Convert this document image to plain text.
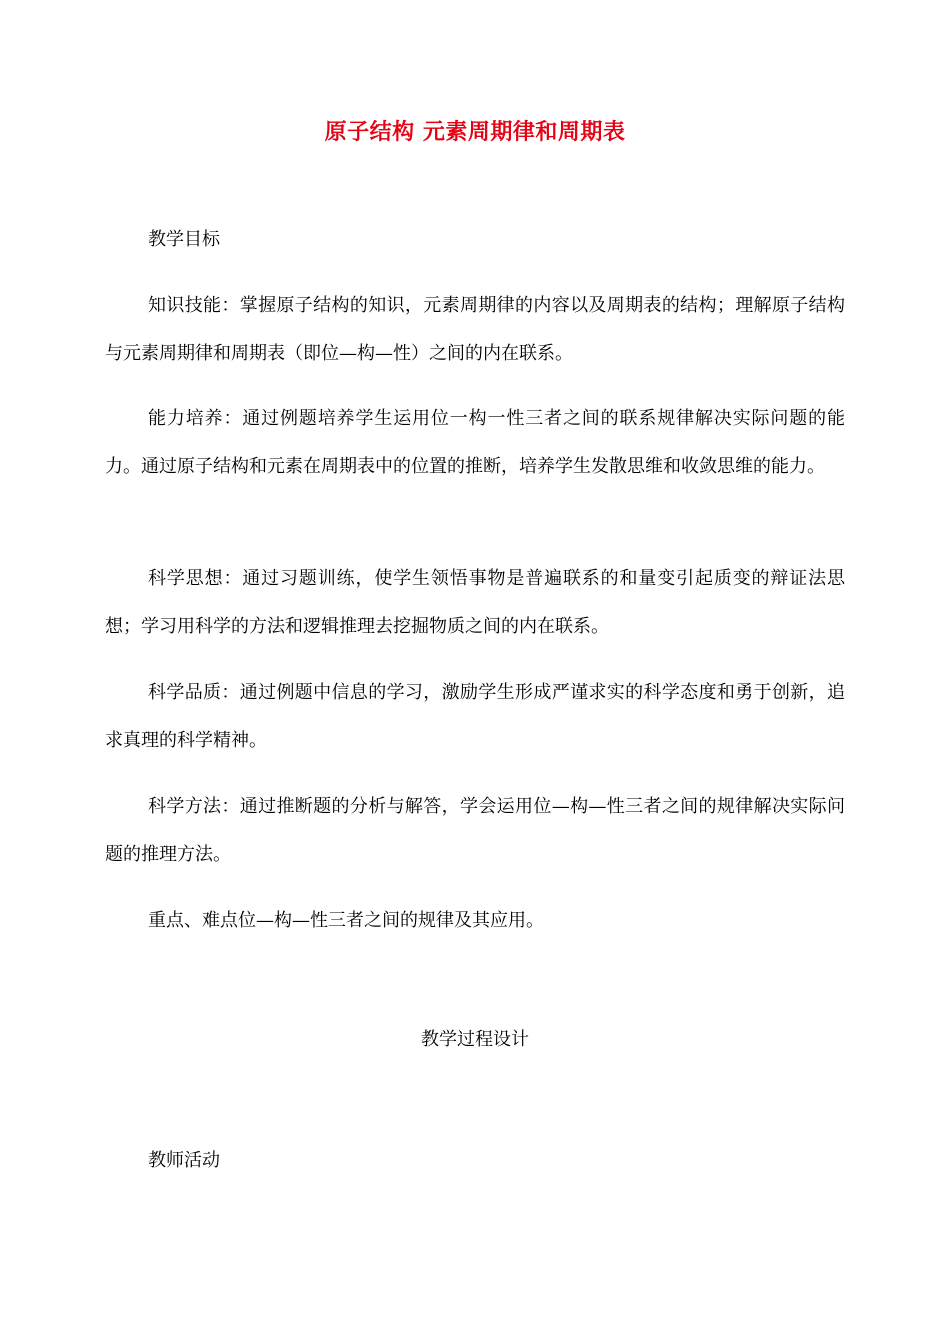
原子结构 元素周期律和周期表

教学目标

知识技能：掌握原子结构的知识，元素周期律的内容以及周期表的结构；理解原子结构与元素周期律和周期表（即位—构—性）之间的内在联系。

能力培养：通过例题培养学生运用位一构一性三者之间的联系规律解决实际问题的能力。通过原子结构和元素在周期表中的位置的推断，培养学生发散思维和收敛思维的能力。

科学思想：通过习题训练，使学生领悟事物是普遍联系的和量变引起质变的辩证法思想；学习用科学的方法和逻辑推理去挖掘物质之间的内在联系。

科学品质：通过例题中信息的学习，激励学生形成严谨求实的科学态度和勇于创新，追求真理的科学精神。

科学方法：通过推断题的分析与解答，学会运用位—构—性三者之间的规律解决实际问题的推理方法。

重点、难点位—构—性三者之间的规律及其应用。

教学过程设计

教师活动
